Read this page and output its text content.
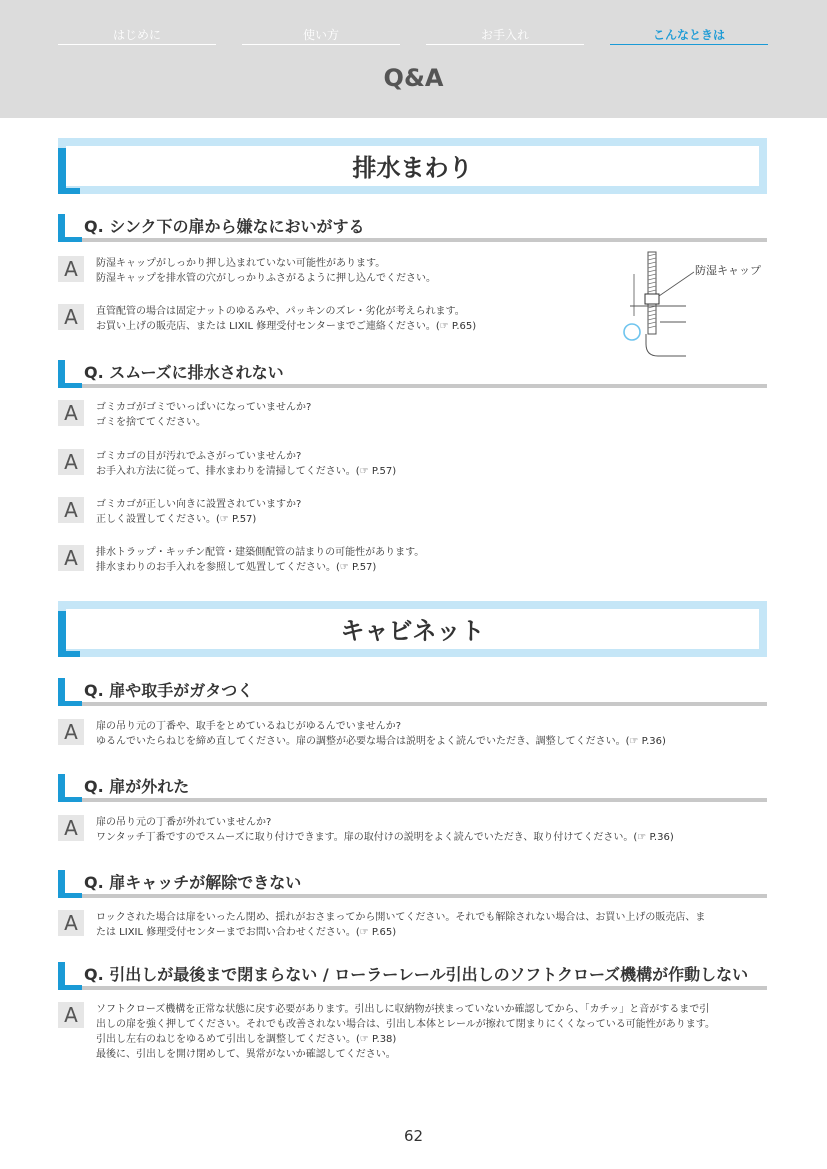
はじめに	使い方	お手入れ	こんなときは
Q&A
排水まわり
Q. シンク下の扉から嫌なにおいがする
A	防湿キャップがしっかり押し込まれていない可能性があります。
防湿キャップを排水管の穴がしっかりふさがるように押し込んでください。
A	直管配管の場合は固定ナットのゆるみや、パッキンのズレ・劣化が考えられます。
お買い上げの販売店、または LIXIL 修理受付センターまでご連絡ください。(☞ P.65)
防湿キャップ
Q. スムーズに排水されない
A	ゴミカゴがゴミでいっぱいになっていませんか?
ゴミを捨ててください。
A	ゴミカゴの目が汚れでふさがっていませんか?
お手入れ方法に従って、排水まわりを清掃してください。(☞ P.57)
A	ゴミカゴが正しい向きに設置されていますか?
正しく設置してください。(☞ P.57)
A	排水トラップ・キッチン配管・建築側配管の詰まりの可能性があります。
排水まわりのお手入れを参照して処置してください。(☞ P.57)
キャビネット
Q. 扉や取手がガタつく
A	扉の吊り元の丁番や、取手をとめているねじがゆるんでいませんか?
ゆるんでいたらねじを締め直してください。扉の調整が必要な場合は説明をよく読んでいただき、調整してください。(☞ P.36)
Q. 扉が外れた
A	扉の吊り元の丁番が外れていませんか?
ワンタッチ丁番ですのでスムーズに取り付けできます。扉の取付けの説明をよく読んでいただき、取り付けてください。(☞ P.36)
Q. 扉キャッチが解除できない
A	ロックされた場合は扉をいったん閉め、揺れがおさまってから開いてください。それでも解除されない場合は、お買い上げの販売店、ま
たは LIXIL 修理受付センターまでお問い合わせください。(☞ P.65)
Q. 引出しが最後まで閉まらない / ローラーレール引出しのソフトクローズ機構が作動しない
A	ソフトクローズ機構を正常な状態に戻す必要があります。引出しに収納物が挟まっていないか確認してから、「カチッ」と音がするまで引
出しの扉を強く押してください。それでも改善されない場合は、引出し本体とレールが擦れて閉まりにくくなっている可能性があります。
引出し左右のねじをゆるめて引出しを調整してください。(☞ P.38)
最後に、引出しを開け閉めして、異常がないか確認してください。
62
